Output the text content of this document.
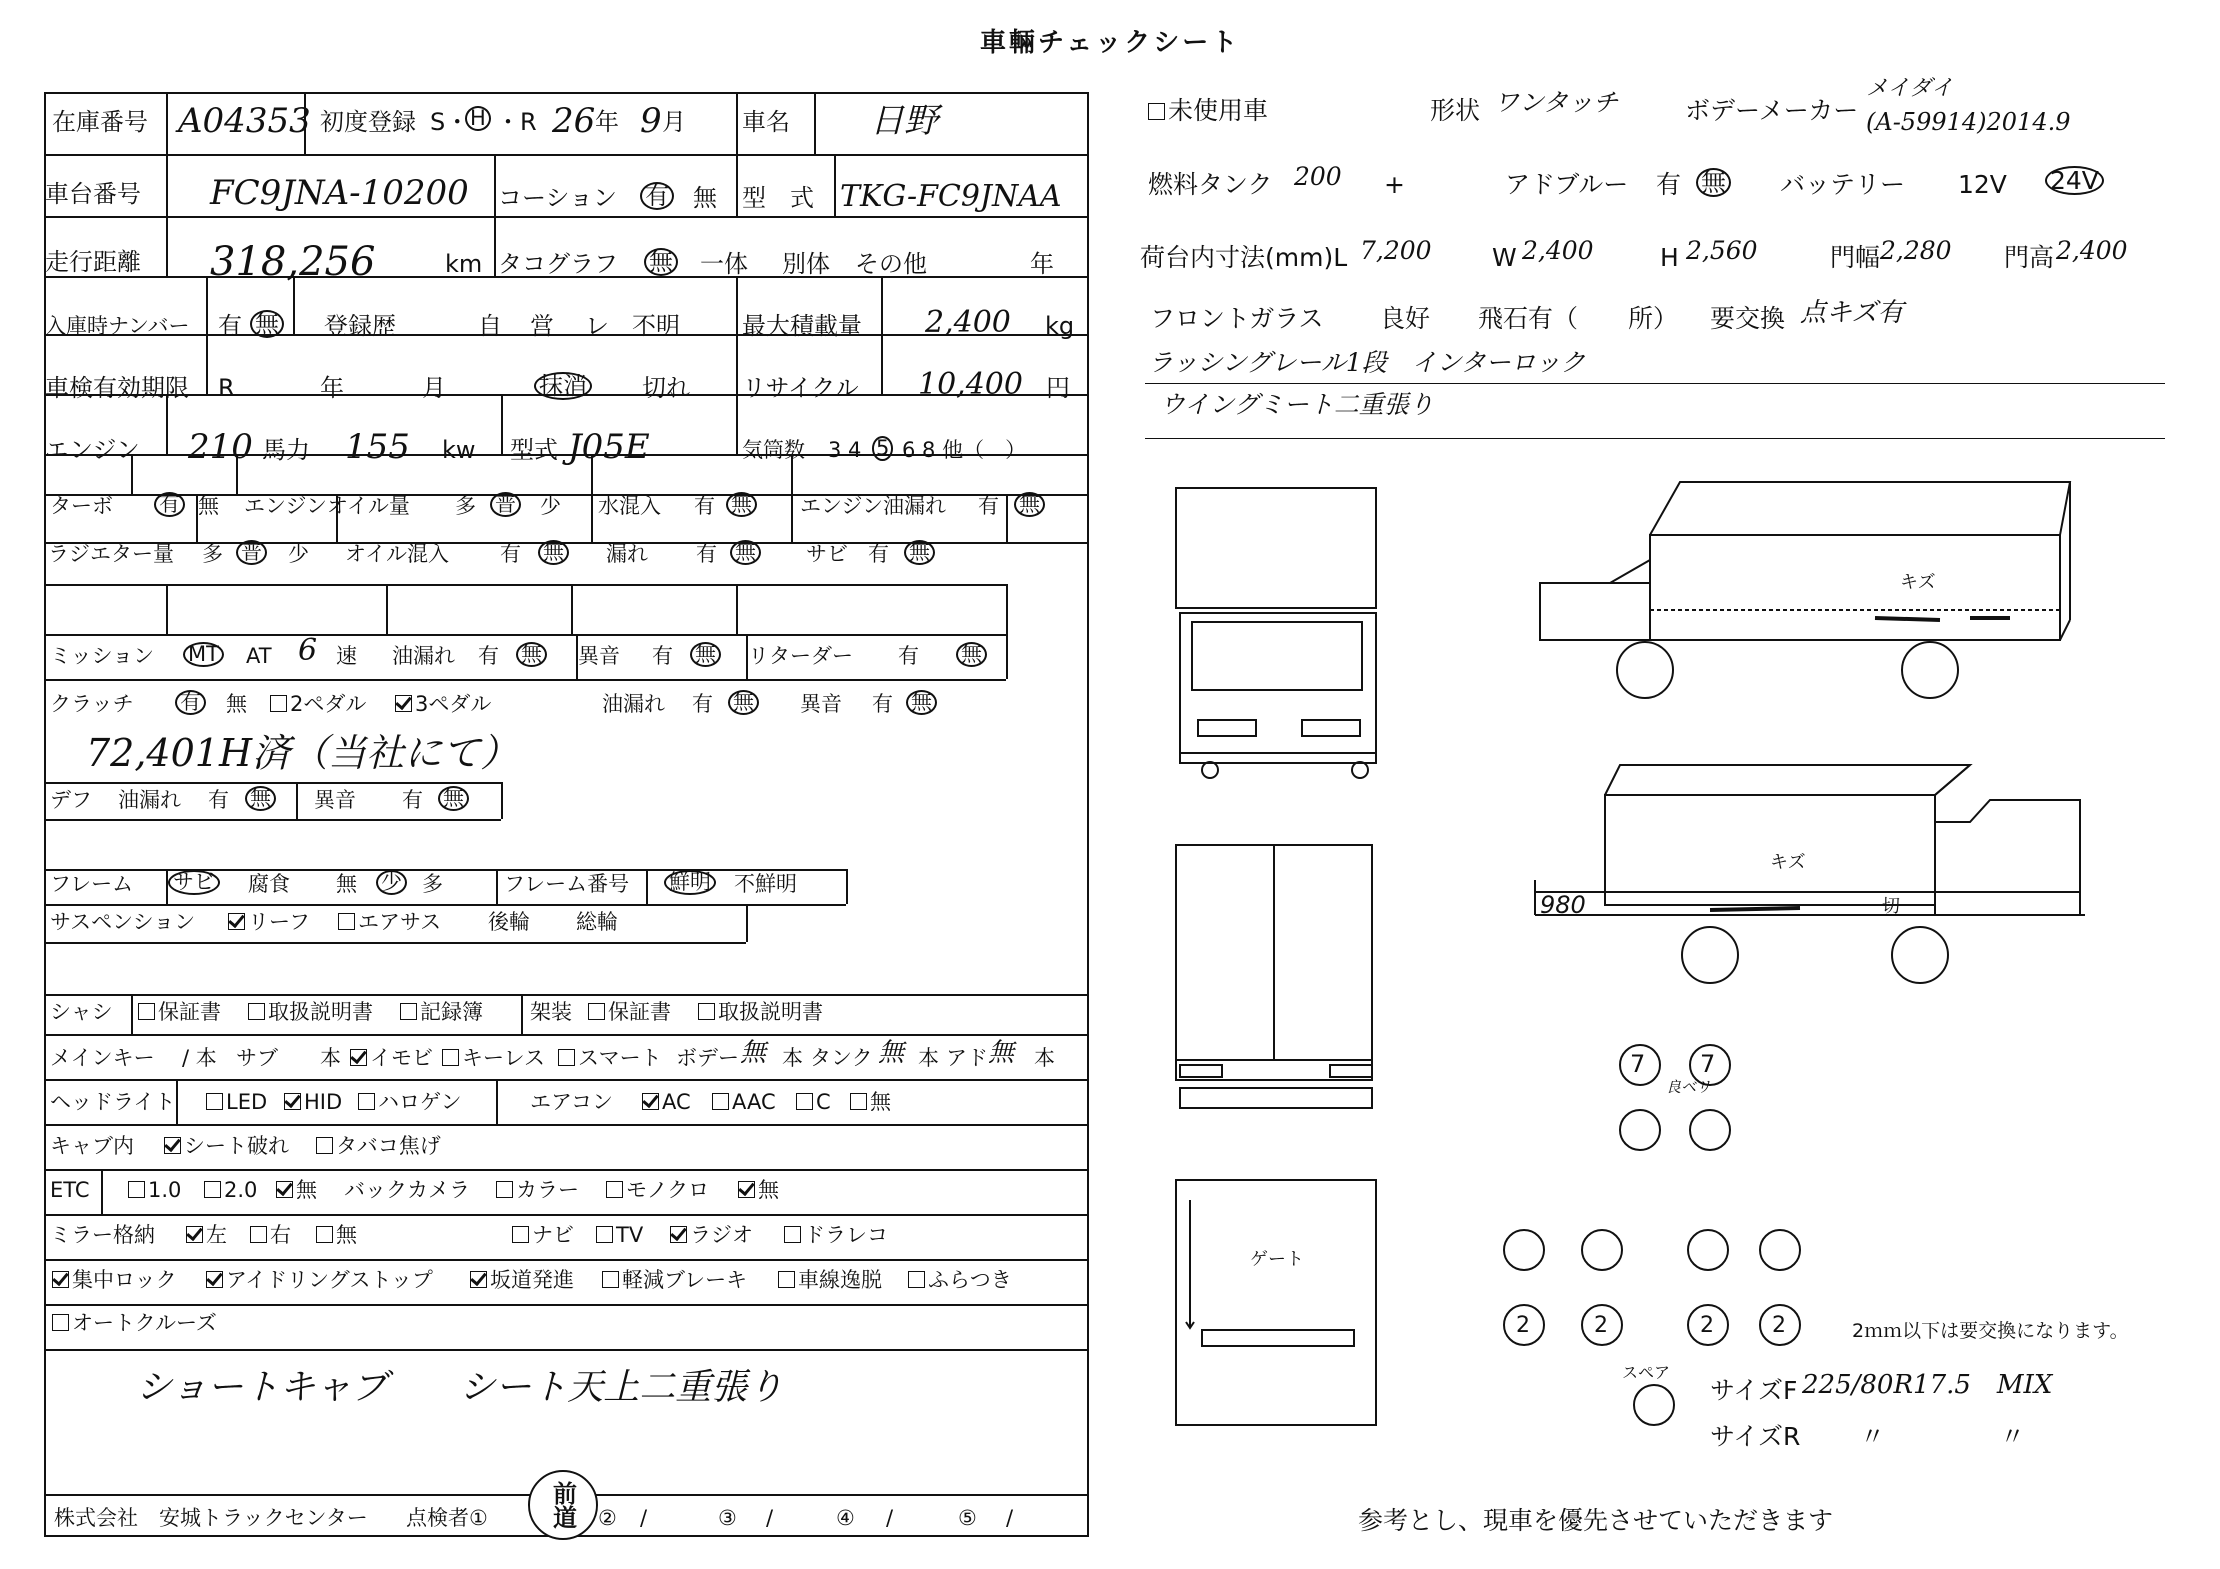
車輛チェックシート
在庫番号 A04353 初度登録 S・ H ・R 26 年 9 月 車名 日野
車台番号 FC9JNA-10200 コーション 有 無 型　式 TKG-FC9JNAA
走行距離 318,256	km タコグラフ 無 一体 別体 その他	年
入庫時ナンバー 有 無 登録歴	自 営 レ 不明	最大積載量 2,400 kg
車検有効期限 R	年	月	抹消 切れ リサイクル 10,400 円
エンジン 210 馬力 155 kw 型式 J05E	気筒数 3 4 5 6 8 他（　）
ターボ 有 無 エンジンオイル量 多 普 少 水混入 有 無 エンジン油漏れ 有 無
ラジエター量 多 普 少 オイル混入 有 無 漏れ 有 無 サビ 有 無
ミッション MT AT 6 速 油漏れ 有 無 異音 有 無 リターダー 有 無
クラッチ 有 無	2ペダル	3ペダル	油漏れ 有 無 異音 有 無
72,401H済（当社にて）
デフ 油漏れ 有 無 異音 有 無
フレーム サビ 腐食 無 少 多	フレーム番号 鮮明 不鮮明
サスペンション	リーフ	エアサス 後輪 総輪
シャシ	保証書	取扱説明書	記録簿 架装	保証書	取扱説明書
メインキー / 本 サブ 本	イモビ	キーレス	スマート ボデー 無 本 タンク 無 本 アド 無 本
ヘッドライト	LED	HID	ハロゲン	エアコン	AC	AAC	C	無
キャブ内	シート破れ	タバコ焦げ
ETC	1.0	2.0	無 バックカメラ	カラー	モノクロ	無
ミラー格納	左	右	無	ナビ	TV	ラジオ	ドラレコ
集中ロック	アイドリングストップ	坂道発進	軽減ブレーキ	車線逸脱	ふらつき
オートクルーズ
ショートキャブ　　シート天上二重張り
株式会社　安城トラックセンター 点検者①	前道	② /	③ /	④ /	⑤ /
未使用車	形状 ワンタッチ	ボデーメーカー
メイダイ
(A-59914)2014.9
燃料タンク 200 +	アドブルー 有 無 バッテリー 12V 24V
荷台内寸法(mm)L 7,200 W 2,400	H 2,560	門幅 2,280 門高 2,400
フロントガラス 良好 飛石有（　　所） 要交換 点キズ有
ラッシングレール1段　インターロック
ウイングミート二重張り
キズ
キズ
980	切
ゲート
7 7
良ベリ
2	2	2	2
スペア
2ｍｍ以下は要交換になります。
サイズF 225/80R17.5　MIX
サイズR 〃	〃
参考とし、現車を優先させていただきます
